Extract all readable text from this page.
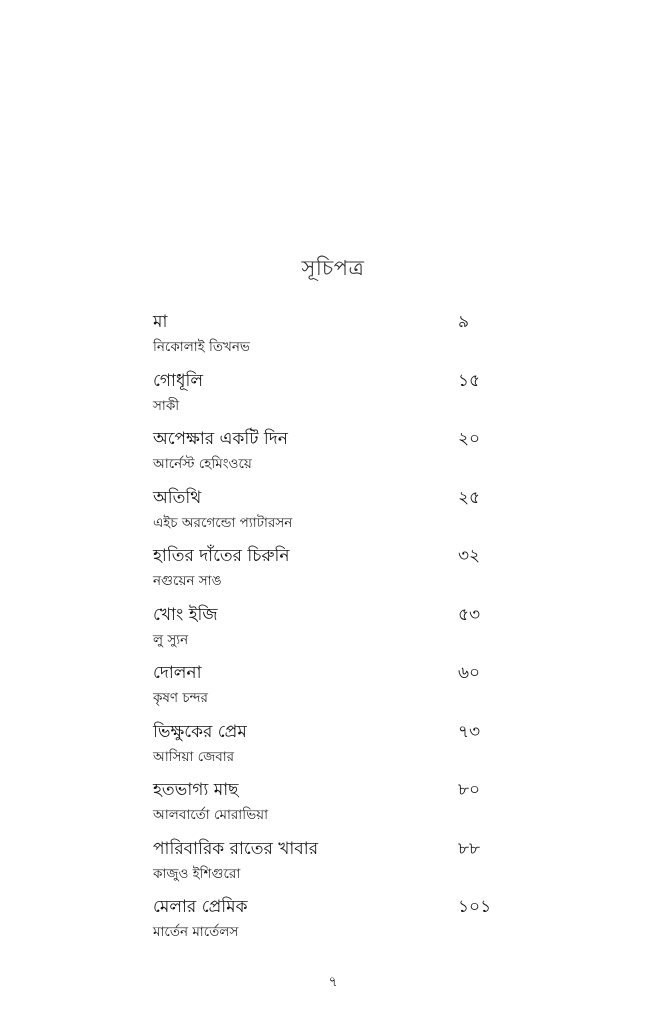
সূচিপত্র
মা
নিকোলাই তিখনভ
৯
গোধূলি
সাকী
১৫
অপেক্ষার একটি দিন
আর্নেস্ট হেমিংওয়ে
২০
অতিথি
এইচ অরগেন্ডো প্যাটারসন
২৫
হাতির দাঁতের চিরুনি
নগুয়েন সাঙ
৩২
খোং ইজি
লু স্যুন
৫৩
দোলনা
কৃষণ চন্দর
৬০
ভিক্ষুকের প্রেম
আসিয়া জেবার
৭৩
হতভাগ্য মাছ
আলবার্তো মোরাভিয়া
৮০
পারিবারিক রাতের খাবার
কাজুও ইশিগুরো
৮৮
মেলার প্রেমিক
মার্তেন মার্তেলস
১০১
৭
